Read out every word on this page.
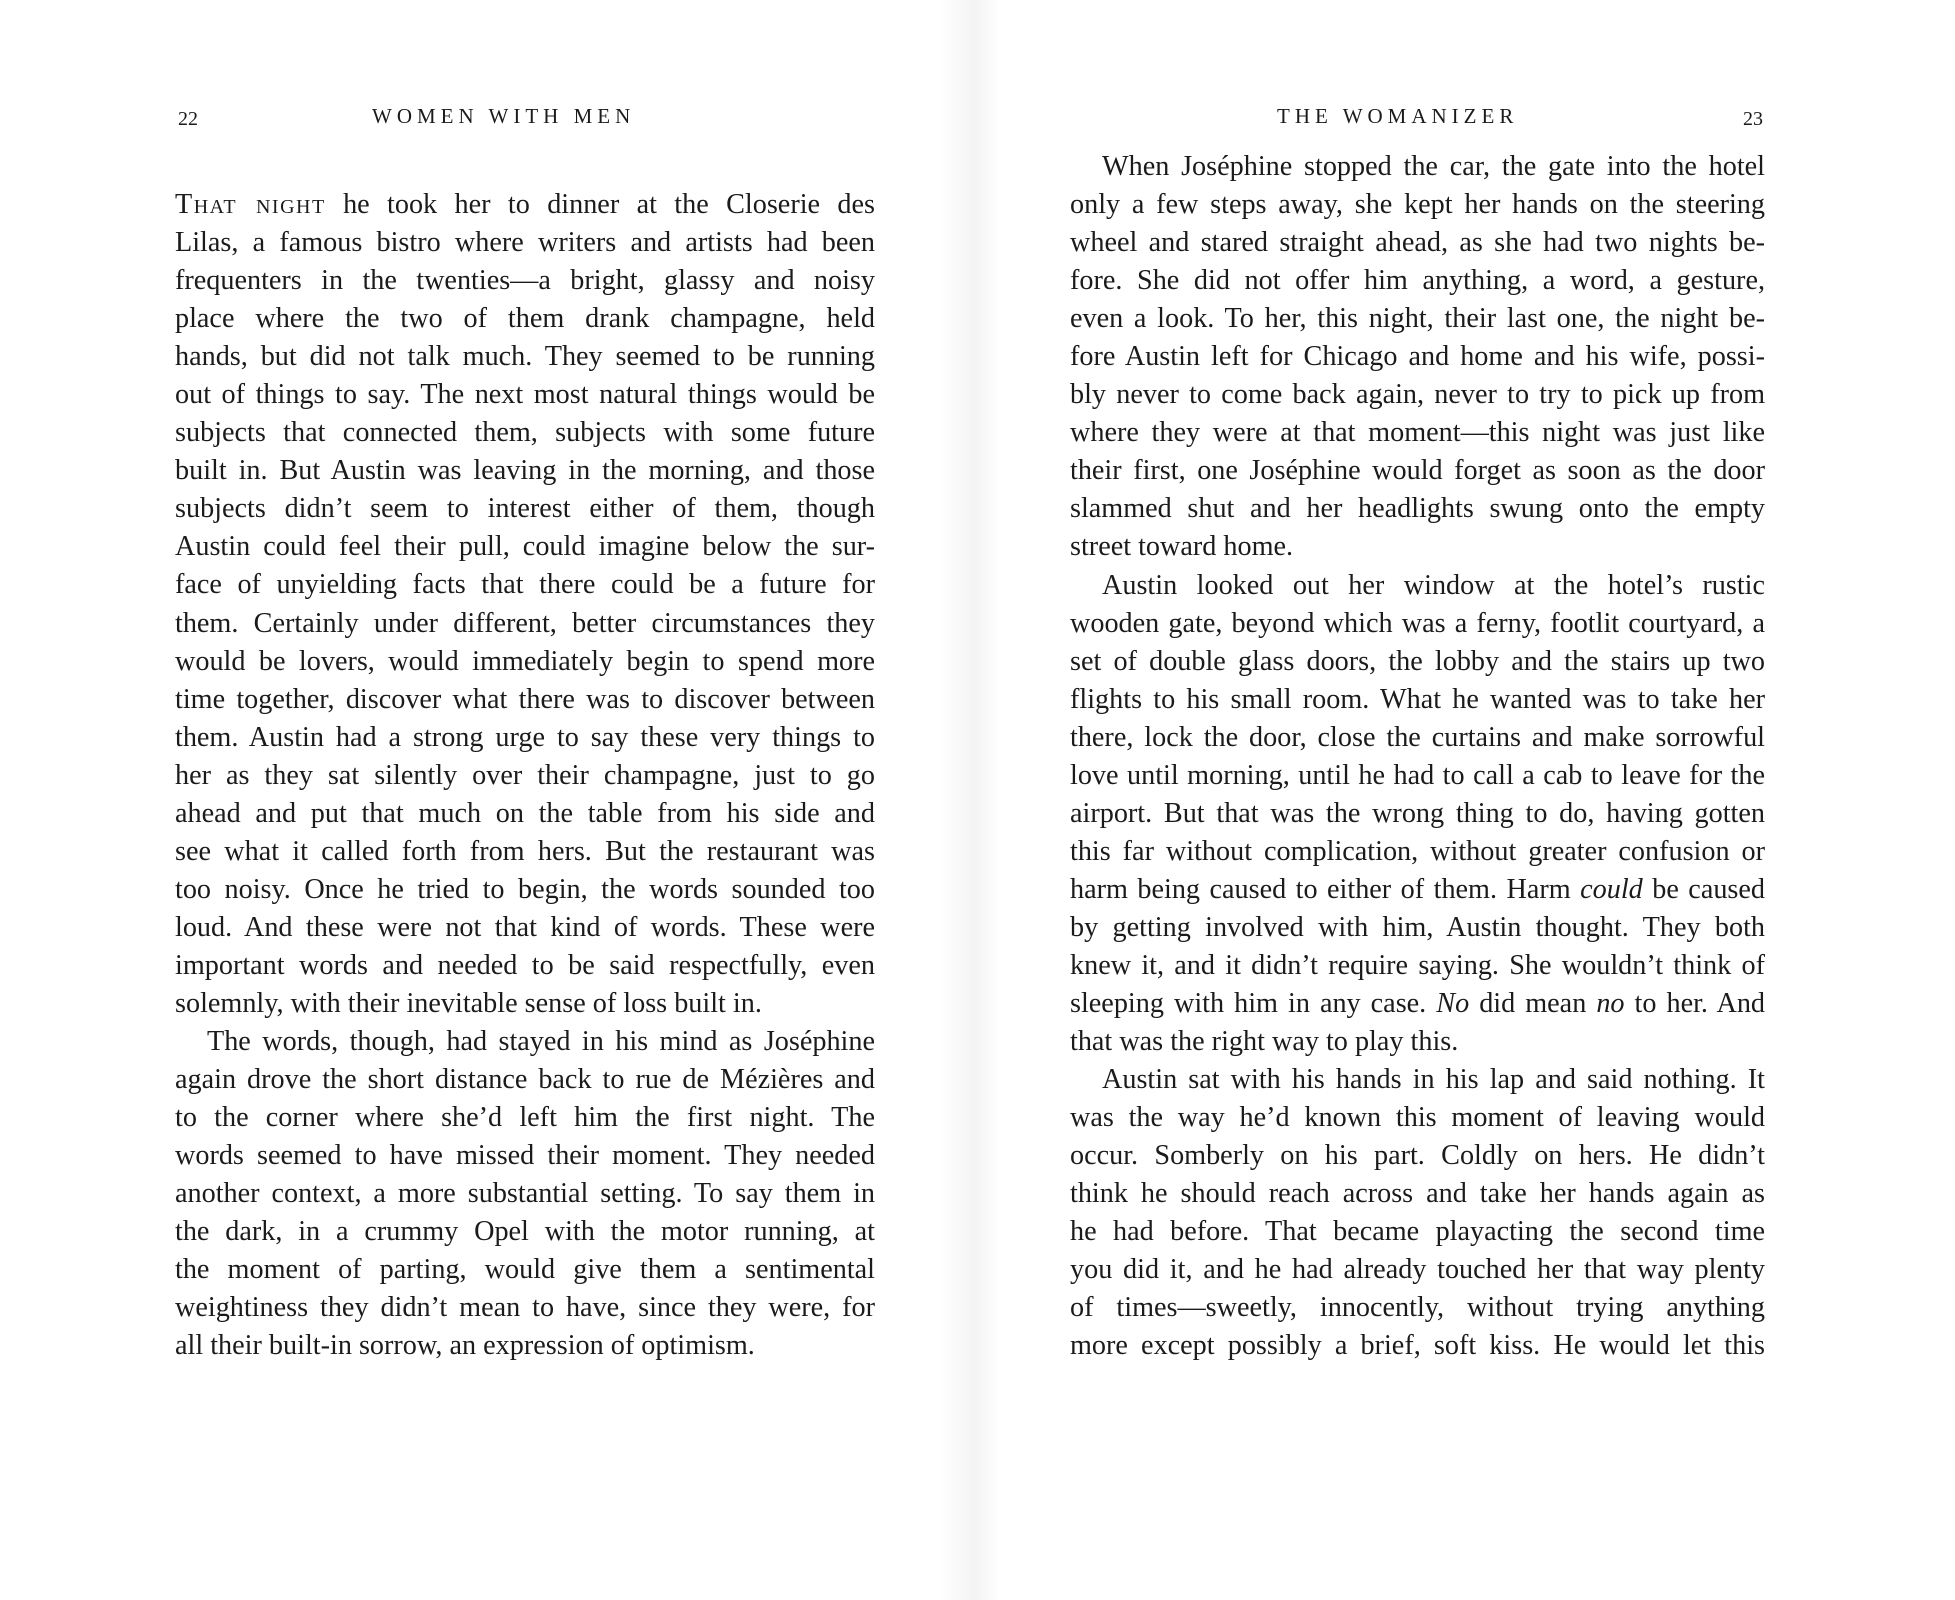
22	WOMEN WITH MEN
That night he took her to dinner at the Closerie des
Lilas, a famous bistro where writers and artists had been
frequenters in the twenties—a bright, glassy and noisy
place where the two of them drank champagne, held
hands, but did not talk much. They seemed to be running
out of things to say. The next most natural things would be
subjects that connected them, subjects with some future
built in. But Austin was leaving in the morning, and those
subjects didn’t seem to interest either of them, though
Austin could feel their pull, could imagine below the sur-
face of unyielding facts that there could be a future for
them. Certainly under different, better circumstances they
would be lovers, would immediately begin to spend more
time together, discover what there was to discover between
them. Austin had a strong urge to say these very things to
her as they sat silently over their champagne, just to go
ahead and put that much on the table from his side and
see what it called forth from hers. But the restaurant was
too noisy. Once he tried to begin, the words sounded too
loud. And these were not that kind of words. These were
important words and needed to be said respectfully, even
solemnly, with their inevitable sense of loss built in.
The words, though, had stayed in his mind as Joséphine
again drove the short distance back to rue de Mézières and
to the corner where she’d left him the first night. The
words seemed to have missed their moment. They needed
another context, a more substantial setting. To say them in
the dark, in a crummy Opel with the motor running, at
the moment of parting, would give them a sentimental
weightiness they didn’t mean to have, since they were, for
all their built-in sorrow, an expression of optimism.
THE WOMANIZER	23
When Joséphine stopped the car, the gate into the hotel
only a few steps away, she kept her hands on the steering
wheel and stared straight ahead, as she had two nights be-
fore. She did not offer him anything, a word, a gesture,
even a look. To her, this night, their last one, the night be-
fore Austin left for Chicago and home and his wife, possi-
bly never to come back again, never to try to pick up from
where they were at that moment—this night was just like
their first, one Joséphine would forget as soon as the door
slammed shut and her headlights swung onto the empty
street toward home.
Austin looked out her window at the hotel’s rustic
wooden gate, beyond which was a ferny, footlit courtyard, a
set of double glass doors, the lobby and the stairs up two
flights to his small room. What he wanted was to take her
there, lock the door, close the curtains and make sorrowful
love until morning, until he had to call a cab to leave for the
airport. But that was the wrong thing to do, having gotten
this far without complication, without greater confusion or
harm being caused to either of them. Harm could be caused
by getting involved with him, Austin thought. They both
knew it, and it didn’t require saying. She wouldn’t think of
sleeping with him in any case. No did mean no to her. And
that was the right way to play this.
Austin sat with his hands in his lap and said nothing. It
was the way he’d known this moment of leaving would
occur. Somberly on his part. Coldly on hers. He didn’t
think he should reach across and take her hands again as
he had before. That became playacting the second time
you did it, and he had already touched her that way plenty
of times—sweetly, innocently, without trying anything
more except possibly a brief, soft kiss. He would let this
